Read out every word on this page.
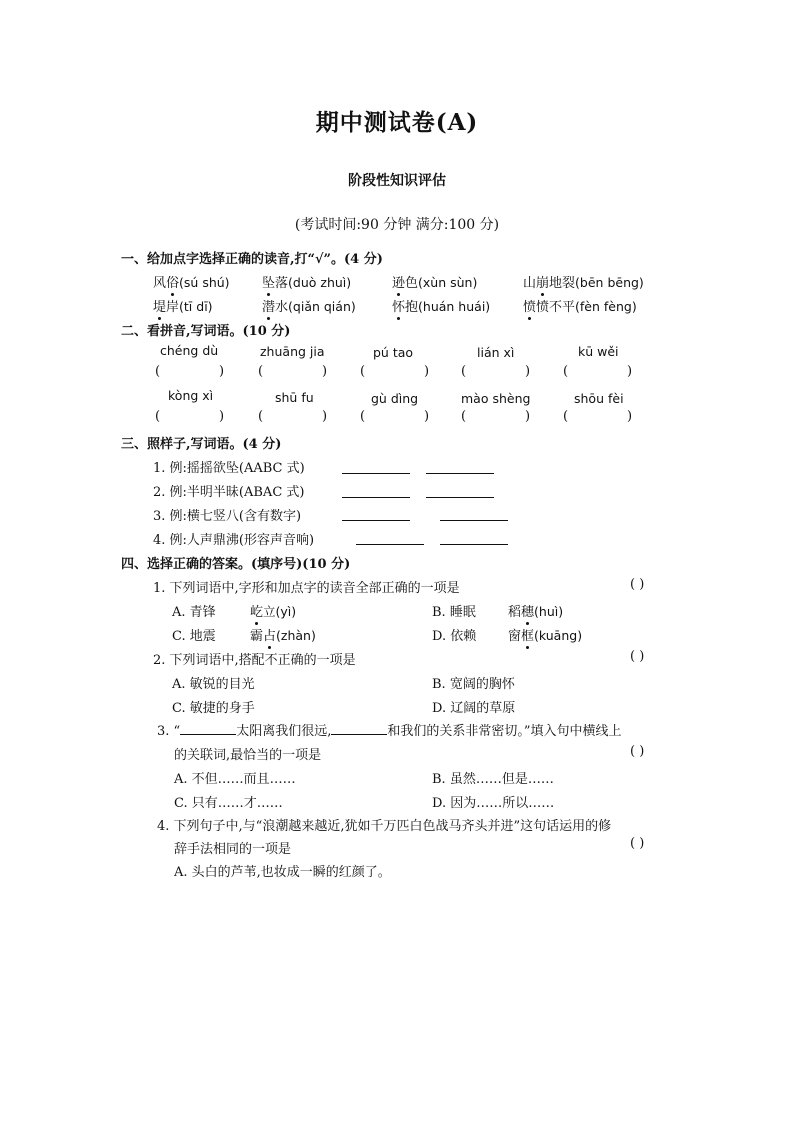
期中测试卷(A)
阶段性知识评估
(考试时间:90 分钟 满分:100 分)
一、给加点字选择正确的读音,打“√”。(4 分)
风俗(sú shú) 坠落(duò zhuì)	逊色(xùn sùn)	山崩地裂(bēn bēng)
堤岸(tī dī)	潜水(qiǎn qián)	怀抱(huán huái)	愤愤不平(fèn fèng)
二、看拼音,写词语。(10 分)
chéng dù	zhuāng jia	pú tao	lián xì	kū wěi
(	)	(	)	(	) (	)	(	)
kòng xì	shū fu	gù dìng	mào shèng	shōu fèi
(	)	(	)	(	) (	)	(	)
三、照样子,写词语。(4 分)
1. 例:摇摇欲坠(AABC 式)
2. 例:半明半昧(ABAC 式)
3. 例:横七竖八(含有数字)
4. 例:人声鼎沸(形容声音响)
四、选择正确的答案。(填序号)(10 分)
1. 下列词语中,字形和加点字的读音全部正确的一项是	( )
A. 青锋	屹立(yì)	B. 睡眠 稻穗(huì)
C. 地震	霸占(zhàn)	D. 依赖 窗框(kuāng)
2. 下列词语中,搭配不正确的一项是	( )
A. 敏锐的目光	B. 宽阔的胸怀
C. 敏捷的身手	D. 辽阔的草原
3. “	太阳离我们很远,	和我们的关系非常密切。”填入句中横线上
的关联词,最恰当的一项是	( )
A. 不但……而且……	B. 虽然……但是……
C. 只有……才……	D. 因为……所以……
4. 下列句子中,与“浪潮越来越近,犹如千万匹白色战马齐头并进”这句话运用的修
辞手法相同的一项是	( )
A. 头白的芦苇,也妆成一瞬的红颜了。
